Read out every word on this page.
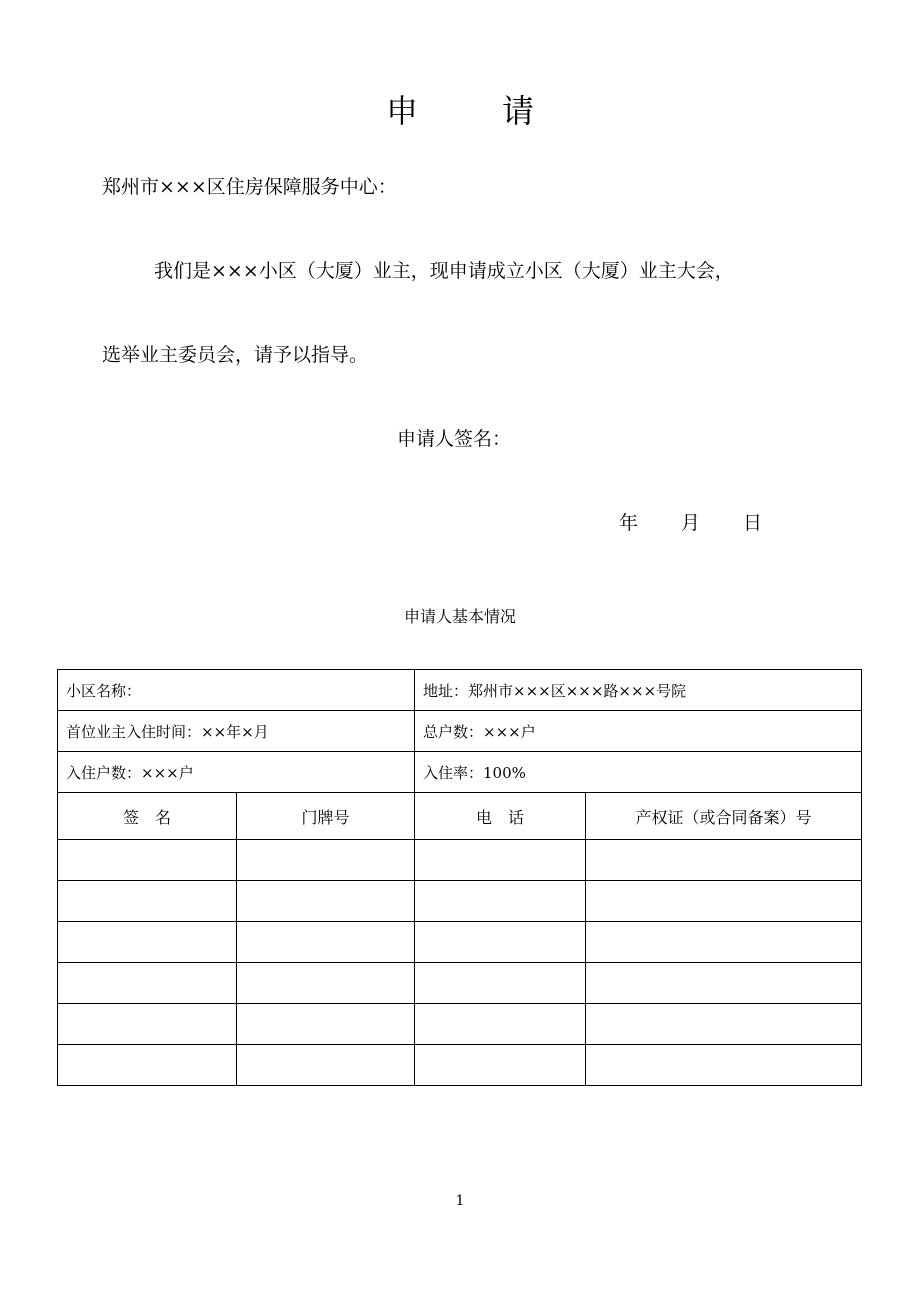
申	请
郑州市×××区住房保障服务中心：
我们是×××小区（大厦）业主，现申请成立小区（大厦）业主大会，
选举业主委员会，请予以指导。
申请人签名：
年 月 日
申请人基本情况
小区名称：		地址：郑州市×××区×××路×××号院	
首位业主入住时间：××年×月		总户数：×××户	
入住户数：×××户		入住率：100%	
签　名	门牌号	电　话	产权证（或合同备案）号

1
